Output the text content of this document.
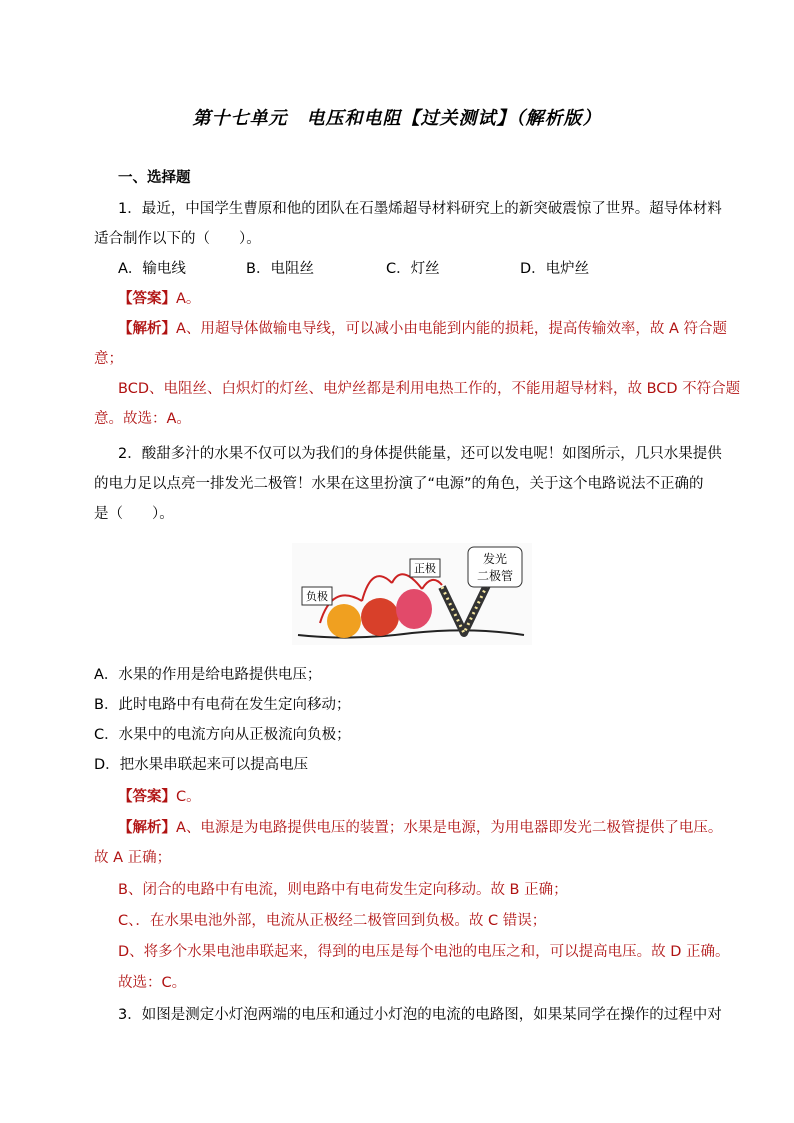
第十七单元　电压和电阻【过关测试】（解析版）
一、选择题
1．最近，中国学生曹原和他的团队在石墨烯超导材料研究上的新突破震惊了世界。超导体材料
适合制作以下的（　　）。
A．输电线	B．电阻丝	C．灯丝	D．电炉丝
【答案】A。
【解析】A、用超导体做输电导线，可以减小由电能到内能的损耗，提高传输效率，故 A 符合题
意；
BCD、电阻丝、白炽灯的灯丝、电炉丝都是利用电热工作的，不能用超导材料，故 BCD 不符合题
意。故选：A。
2．酸甜多汁的水果不仅可以为我们的身体提供能量，还可以发电呢！如图所示，几只水果提供
的电力足以点亮一排发光二极管！水果在这里扮演了“电源”的角色，关于这个电路说法不正确的
是（　　）。
负极
正极
发光
二极管
A．水果的作用是给电路提供电压；
B．此时电路中有电荷在发生定向移动；
C．水果中的电流方向从正极流向负极；
D．把水果串联起来可以提高电压
【答案】C。
【解析】A、电源是为电路提供电压的装置；水果是电源，为用电器即发光二极管提供了电压。
故 A 正确；
B、闭合的电路中有电流，则电路中有电荷发生定向移动。故 B 正确；
C、．在水果电池外部，电流从正极经二极管回到负极。故 C 错误；
D、将多个水果电池串联起来，得到的电压是每个电池的电压之和，可以提高电压。故 D 正确。
故选：C。
3．如图是测定小灯泡两端的电压和通过小灯泡的电流的电路图，如果某同学在操作的过程中对
